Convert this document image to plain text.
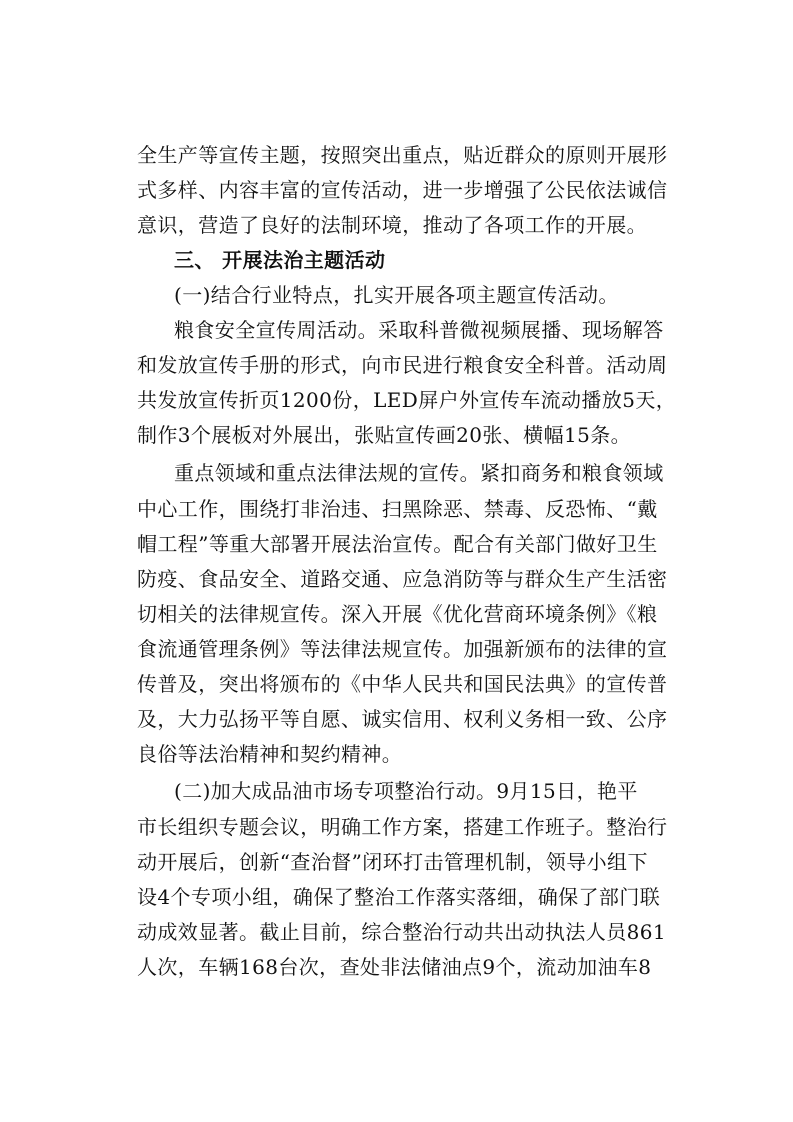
全生产等宣传主题，按照突出重点，贴近群众的原则开展形
式多样、内容丰富的宣传活动，进一步增强了公民依法诚信
意识，营造了良好的法制环境，推动了各项工作的开展。
三、 开展法治主题活动
(一)结合行业特点，扎实开展各项主题宣传活动。
粮食安全宣传周活动。采取科普微视频展播、现场解答
和发放宣传手册的形式，向市民进行粮食安全科普。活动周
共发放宣传折页1200份，LED屏户外宣传车流动播放5天，
制作3个展板对外展出，张贴宣传画20张、横幅15条。
重点领域和重点法律法规的宣传。紧扣商务和粮食领域
中心工作，围绕打非治违、扫黑除恶、禁毒、反恐怖、“戴
帽工程”等重大部署开展法治宣传。配合有关部门做好卫生
防疫、食品安全、道路交通、应急消防等与群众生产生活密
切相关的法律规宣传。深入开展《优化营商环境条例》《粮
食流通管理条例》等法律法规宣传。加强新颁布的法律的宣
传普及，突出将颁布的《中华人民共和国民法典》的宣传普
及，大力弘扬平等自愿、诚实信用、权利义务相一致、公序
良俗等法治精神和契约精神。
(二)加大成品油市场专项整治行动。9月15日，艳平
市长组织专题会议，明确工作方案，搭建工作班子。整治行
动开展后，创新“查治督”闭环打击管理机制，领导小组下
设4个专项小组，确保了整治工作落实落细，确保了部门联
动成效显著。截止目前，综合整治行动共出动执法人员861
人次，车辆168台次，查处非法储油点9个，流动加油车8
